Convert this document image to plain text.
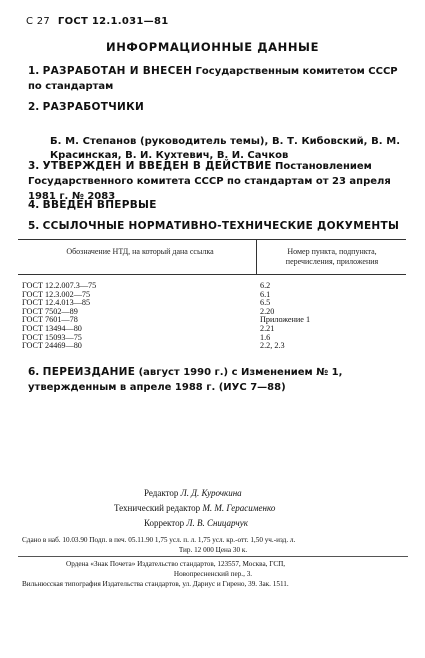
С 27 ГОСТ 12.1.031—81
ИНФОРМАЦИОННЫЕ ДАННЫЕ
1. РАЗРАБОТАН И ВНЕСЕН Государственным комитетом СССР по стандартам
2. РАЗРАБОТЧИКИ
Б. М. Степанов (руководитель темы), В. Т. Кибовский, В. М. Красинская, В. И. Кухтевич, В. И. Сачков
3. УТВЕРЖДЕН И ВВЕДЕН В ДЕЙСТВИЕ Постановлением Государственного комитета СССР по стандартам от 23 апреля 1981 г. № 2083
4. ВВЕДЕН ВПЕРВЫЕ
5. ССЫЛОЧНЫЕ НОРМАТИВНО-ТЕХНИЧЕСКИЕ ДОКУМЕНТЫ
Обозначение НТД, на который дана ссылка	Номер пункта, подпункта, перечисления, приложения
ГОСТ 12.2.007.3—75	6.2
ГОСТ 12.3.002—75	6.1
ГОСТ 12.4.013—85	6.5
ГОСТ 7502—89	2.20
ГОСТ 7601—78	Приложение 1
ГОСТ 13494—80	2.21
ГОСТ 15093—75	1.6
ГОСТ 24469—80	2.2, 2.3
6. ПЕРЕИЗДАНИЕ (август 1990 г.) с Изменением № 1, утвержденным в апреле 1988 г. (ИУС 7—88)
Редактор Л. Д. Курочкина
Технический редактор М. М. Герасименко
Корректор Л. В. Сницарчук
Сдано в наб. 10.03.90 Подп. в печ. 05.11.90 1,75 усл. п. л. 1,75 усл. кр.-отт. 1,50 уч.-изд. л.
Тир. 12 000 Цена 30 к.
Ордена «Знак Почета» Издательство стандартов, 123557, Москва, ГСП,
Новопресненский пер., 3.
Вильнюсская типография Издательства стандартов, ул. Дариус и Гирено, 39. Зак. 1511.
